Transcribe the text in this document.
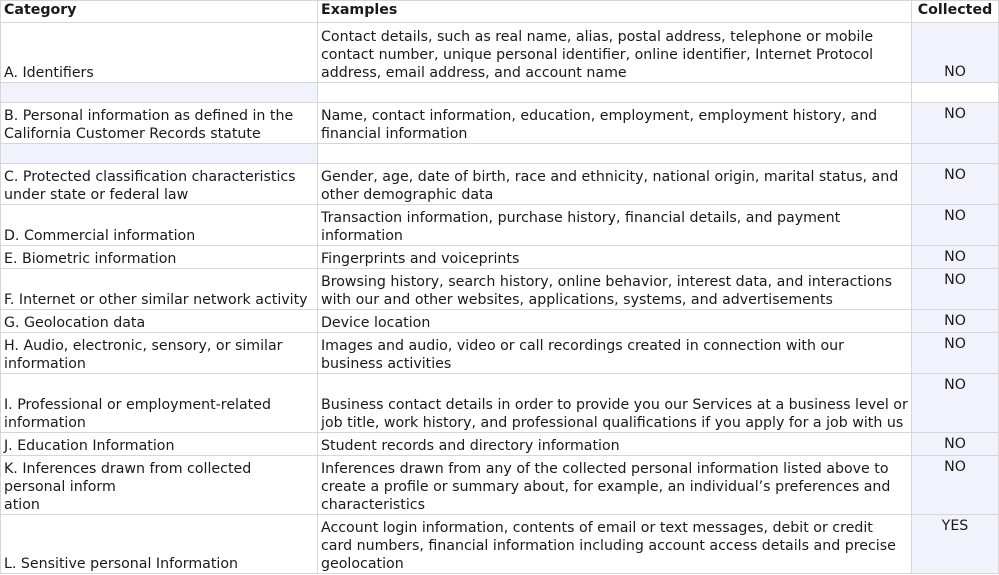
Category	Examples	Collected
A. Identifiers	Contact details, such as real name, alias, postal address, telephone or mobile contact number, unique personal identifier, online identifier, Internet Protocol address, email address, and account name	NO

B. Personal information as defined in the California Customer Records statute	Name, contact information, education, employment, employment history, and financial information	NO

C. Protected classification characteristics under state or federal law	Gender, age, date of birth, race and ethnicity, national origin, marital status, and other demographic data	NO
D. Commercial information	Transaction information, purchase history, financial details, and payment information	NO
E. Biometric information	Fingerprints and voiceprints	NO
F. Internet or other similar network activity	Browsing history, search history, online behavior, interest data, and interactions with our and other websites, applications, systems, and advertisements	NO
G. Geolocation data	Device location	NO
H. Audio, electronic, sensory, or similar information	Images and audio, video or call recordings created in connection with our business activities	NO
I. Professional or employment-related information	Business contact details in order to provide you our Services at a business level or job title, work history, and professional qualifications if you apply for a job with us	NO
J. Education Information	Student records and directory information	NO
K. Inferences drawn from collected personal inform
ation	Inferences drawn from any of the collected personal information listed above to create a profile or summary about, for example, an individual’s preferences and characteristics	NO
L. Sensitive personal Information	Account login information, contents of email or text messages, debit or credit card numbers, financial information including account access details and precise geolocation	YES
